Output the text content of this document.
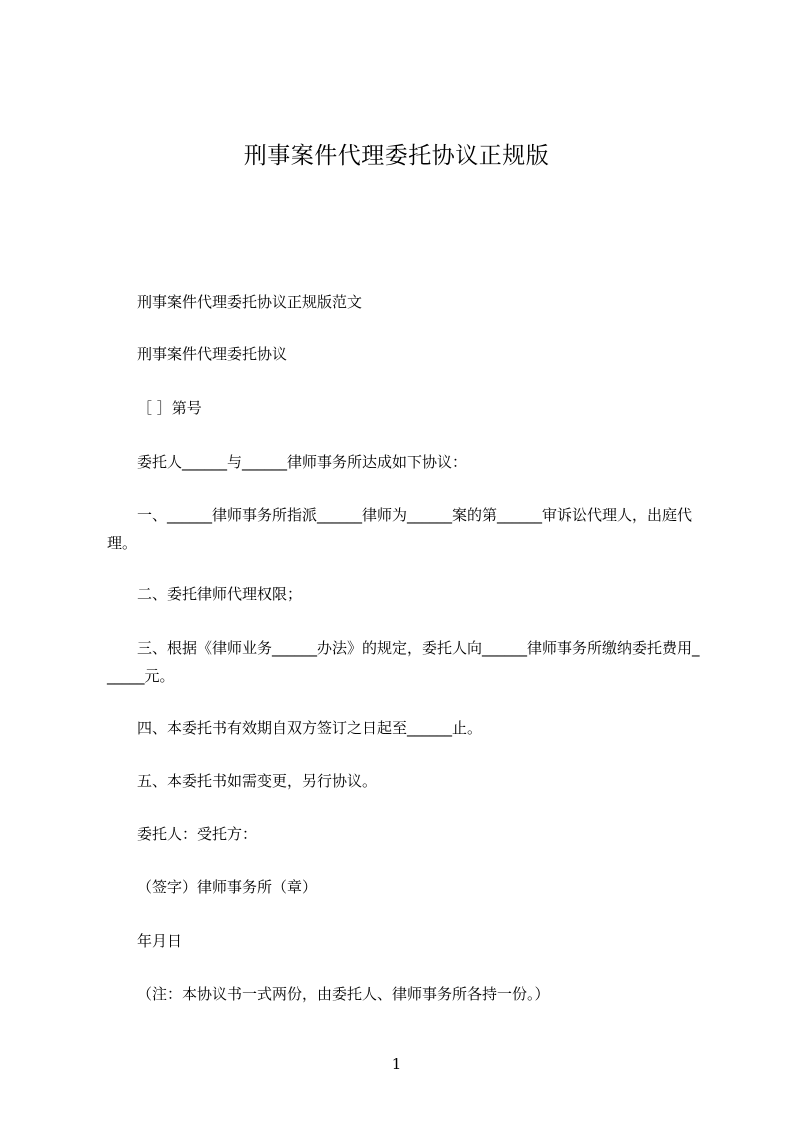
刑事案件代理委托协议正规版

刑事案件代理委托协议正规版范文

刑事案件代理委托协议

［ ］第号

委托人______与______律师事务所达成如下协议：

一、______律师事务所指派______律师为______案的第______审诉讼代理人，出庭代理。

二、委托律师代理权限；

三、根据《律师业务______办法》的规定，委托人向______律师事务所缴纳委托费用______元。

四、本委托书有效期自双方签订之日起至______止。

五、本委托书如需变更，另行协议。

委托人：受托方：

（签字）律师事务所（章）

年月日

（注：本协议书一式两份，由委托人、律师事务所各持一份。）

1
